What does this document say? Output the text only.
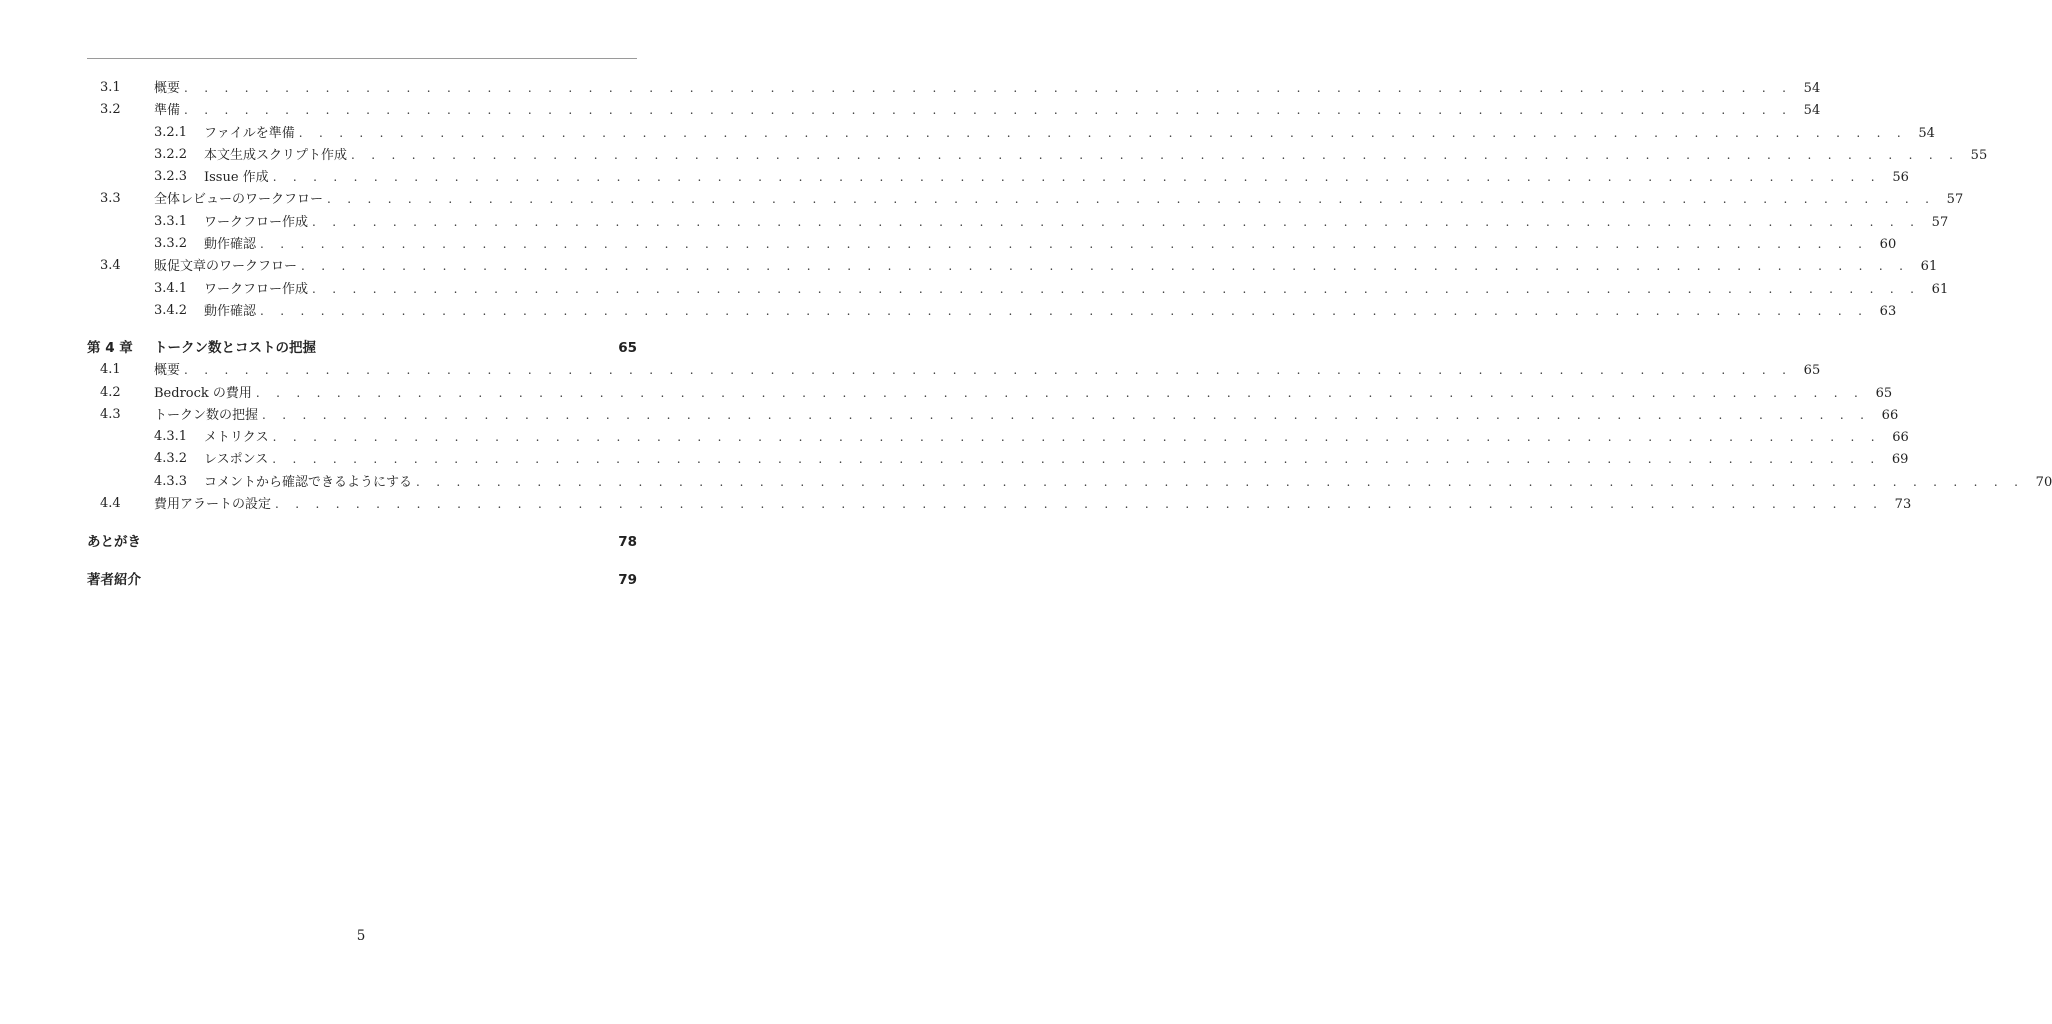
3.1	概要 . . . . . . . . . . . . . . . . . . . . . . . . . . . . . . . . . . . . . . . . . . . . . . . . . . . . . . . . . . . . . . . . . . . . . . . . . . . . . . . . 54
3.2	準備 . . . . . . . . . . . . . . . . . . . . . . . . . . . . . . . . . . . . . . . . . . . . . . . . . . . . . . . . . . . . . . . . . . . . . . . . . . . . . . . . 54
3.2.1 ファイルを準備 . . . . . . . . . . . . . . . . . . . . . . . . . . . . . . . . . . . . . . . . . . . . . . . . . . . . . . . . . . . . . . . . . . . . . . . . . . . . . . . . 54
3.2.2 本文生成スクリプト作成 . . . . . . . . . . . . . . . . . . . . . . . . . . . . . . . . . . . . . . . . . . . . . . . . . . . . . . . . . . . . . . . . . . . . . . . . . . . . . . . . 55
3.2.3 Issue 作成 . . . . . . . . . . . . . . . . . . . . . . . . . . . . . . . . . . . . . . . . . . . . . . . . . . . . . . . . . . . . . . . . . . . . . . . . . . . . . . . . 56
3.3	全体レビューのワークフロー . . . . . . . . . . . . . . . . . . . . . . . . . . . . . . . . . . . . . . . . . . . . . . . . . . . . . . . . . . . . . . . . . . . . . . . . . . . . . . . . 57
3.3.1 ワークフロー作成 . . . . . . . . . . . . . . . . . . . . . . . . . . . . . . . . . . . . . . . . . . . . . . . . . . . . . . . . . . . . . . . . . . . . . . . . . . . . . . . . 57
3.3.2 動作確認 . . . . . . . . . . . . . . . . . . . . . . . . . . . . . . . . . . . . . . . . . . . . . . . . . . . . . . . . . . . . . . . . . . . . . . . . . . . . . . . . 60
3.4	販促文章のワークフロー . . . . . . . . . . . . . . . . . . . . . . . . . . . . . . . . . . . . . . . . . . . . . . . . . . . . . . . . . . . . . . . . . . . . . . . . . . . . . . . . 61
3.4.1 ワークフロー作成 . . . . . . . . . . . . . . . . . . . . . . . . . . . . . . . . . . . . . . . . . . . . . . . . . . . . . . . . . . . . . . . . . . . . . . . . . . . . . . . . 61
3.4.2 動作確認 . . . . . . . . . . . . . . . . . . . . . . . . . . . . . . . . . . . . . . . . . . . . . . . . . . . . . . . . . . . . . . . . . . . . . . . . . . . . . . . . 63
第 4 章 トークン数とコストの把握	65
4.1	概要 . . . . . . . . . . . . . . . . . . . . . . . . . . . . . . . . . . . . . . . . . . . . . . . . . . . . . . . . . . . . . . . . . . . . . . . . . . . . . . . . 65
4.2	Bedrock の費用 . . . . . . . . . . . . . . . . . . . . . . . . . . . . . . . . . . . . . . . . . . . . . . . . . . . . . . . . . . . . . . . . . . . . . . . . . . . . . . . . 65
4.3	トークン数の把握 . . . . . . . . . . . . . . . . . . . . . . . . . . . . . . . . . . . . . . . . . . . . . . . . . . . . . . . . . . . . . . . . . . . . . . . . . . . . . . . . 66
4.3.1 メトリクス . . . . . . . . . . . . . . . . . . . . . . . . . . . . . . . . . . . . . . . . . . . . . . . . . . . . . . . . . . . . . . . . . . . . . . . . . . . . . . . . 66
4.3.2 レスポンス . . . . . . . . . . . . . . . . . . . . . . . . . . . . . . . . . . . . . . . . . . . . . . . . . . . . . . . . . . . . . . . . . . . . . . . . . . . . . . . . 69
4.3.3 コメントから確認できるようにする . . . . . . . . . . . . . . . . . . . . . . . . . . . . . . . . . . . . . . . . . . . . . . . . . . . . . . . . . . . . . . . . . . . . . . . . . . . . . . . . 70
4.4	費用アラートの設定 . . . . . . . . . . . . . . . . . . . . . . . . . . . . . . . . . . . . . . . . . . . . . . . . . . . . . . . . . . . . . . . . . . . . . . . . . . . . . . . . 73
あとがき	78
著者紹介	79
5
